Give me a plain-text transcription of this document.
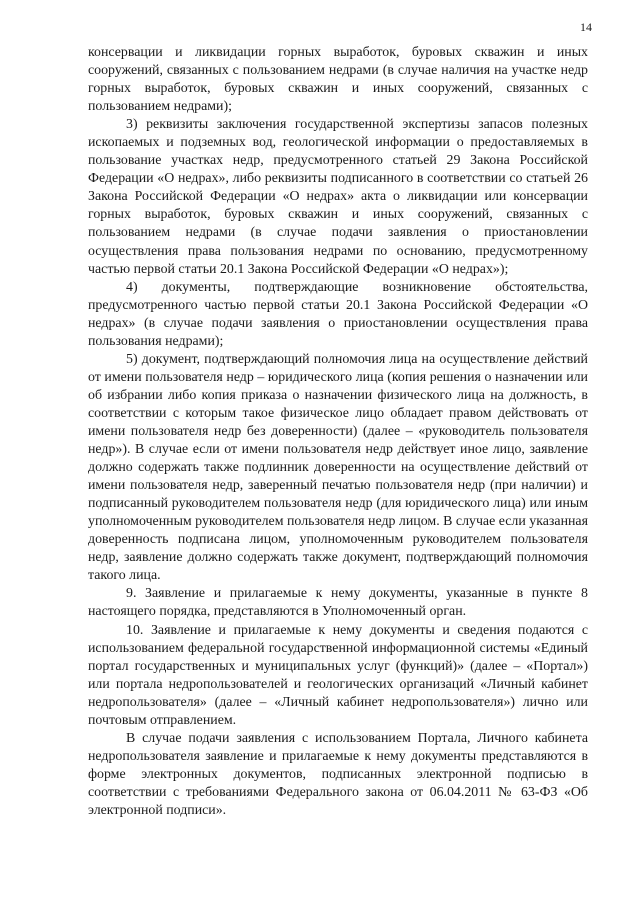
14

консервации и ликвидации горных выработок, буровых скважин и иных сооружений, связанных с пользованием недрами (в случае наличия на участке недр горных выработок, буровых скважин и иных сооружений, связанных с пользованием недрами);

3) реквизиты заключения государственной экспертизы запасов полезных ископаемых и подземных вод, геологической информации о предоставляемых в пользование участках недр, предусмотренного статьей 29 Закона Российской Федерации «О недрах», либо реквизиты подписанного в соответствии со статьей 26 Закона Российской Федерации «О недрах» акта о ликвидации или консервации горных выработок, буровых скважин и иных сооружений, связанных с пользованием недрами (в случае подачи заявления о приостановлении осуществления права пользования недрами по основанию, предусмотренному частью первой статьи 20.1 Закона Российской Федерации «О недрах»);

4) документы, подтверждающие возникновение обстоятельства, предусмотренного частью первой статьи 20.1 Закона Российской Федерации «О недрах» (в случае подачи заявления о приостановлении осуществления права пользования недрами);

5) документ, подтверждающий полномочия лица на осуществление действий от имени пользователя недр – юридического лица (копия решения о назначении или об избрании либо копия приказа о назначении физического лица на должность, в соответствии с которым такое физическое лицо обладает правом действовать от имени пользователя недр без доверенности) (далее – «руководитель пользователя недр»). В случае если от имени пользователя недр действует иное лицо, заявление должно содержать также подлинник доверенности на осуществление действий от имени пользователя недр, заверенный печатью пользователя недр (при наличии) и подписанный руководителем пользователя недр (для юридического лица) или иным уполномоченным руководителем пользователя недр лицом. В случае если указанная доверенность подписана лицом, уполномоченным руководителем пользователя недр, заявление должно содержать также документ, подтверждающий полномочия такого лица.

9. Заявление и прилагаемые к нему документы, указанные в пункте 8 настоящего порядка, представляются в Уполномоченный орган.

10. Заявление и прилагаемые к нему документы и сведения подаются с использованием федеральной государственной информационной системы «Единый портал государственных и муниципальных услуг (функций)» (далее – «Портал») или портала недропользователей и геологических организаций «Личный кабинет недропользователя» (далее – «Личный кабинет недропользователя») лично или почтовым отправлением.

В случае подачи заявления с использованием Портала, Личного кабинета недропользователя заявление и прилагаемые к нему документы представляются в форме электронных документов, подписанных электронной подписью в соответствии с требованиями Федерального закона от 06.04.2011 № 63-ФЗ «Об электронной подписи».
